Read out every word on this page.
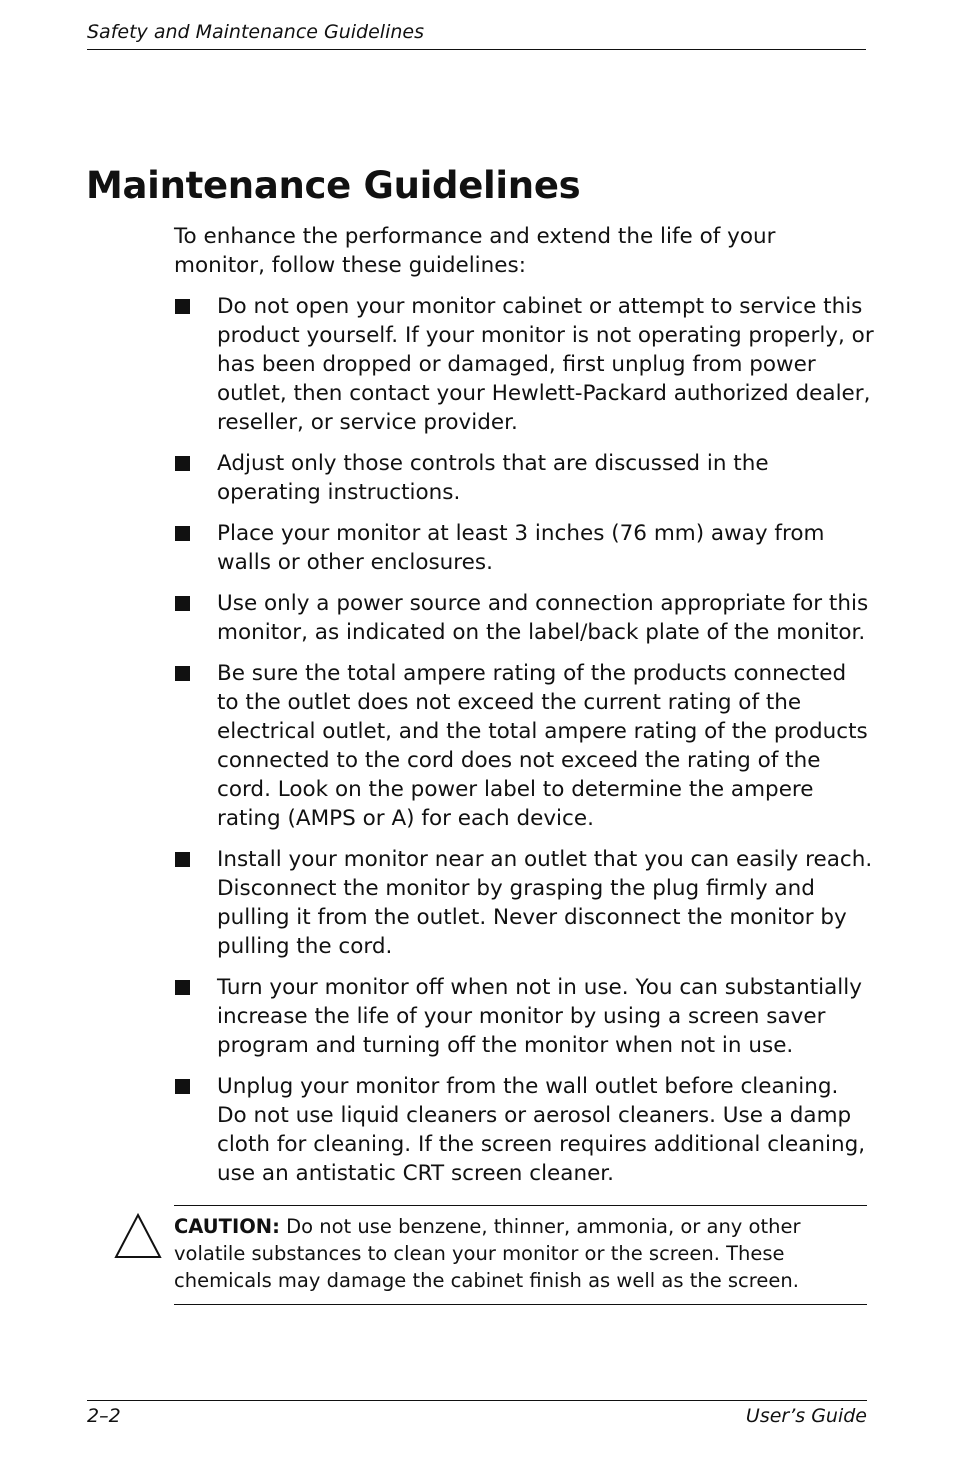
Safety and Maintenance Guidelines
Maintenance Guidelines

To enhance the performance and extend the life of your monitor, follow these guidelines:

Do not open your monitor cabinet or attempt to service this product yourself. If your monitor is not operating properly, or has been dropped or damaged, first unplug from power outlet, then contact your Hewlett-Packard authorized dealer, reseller, or service provider.
Adjust only those controls that are discussed in the operating instructions.
Place your monitor at least 3 inches (76 mm) away from walls or other enclosures.
Use only a power source and connection appropriate for this monitor, as indicated on the label/back plate of the monitor.
Be sure the total ampere rating of the products connected to the outlet does not exceed the current rating of the electrical outlet, and the total ampere rating of the products connected to the cord does not exceed the rating of the cord. Look on the power label to determine the ampere rating (AMPS or A) for each device.
Install your monitor near an outlet that you can easily reach. Disconnect the monitor by grasping the plug firmly and pulling it from the outlet. Never disconnect the monitor by pulling the cord.
Turn your monitor off when not in use. You can substantially increase the life of your monitor by using a screen saver program and turning off the monitor when not in use.
Unplug your monitor from the wall outlet before cleaning. Do not use liquid cleaners or aerosol cleaners. Use a damp cloth for cleaning. If the screen requires additional cleaning, use an antistatic CRT screen cleaner.

CAUTION: Do not use benzene, thinner, ammonia, or any other volatile substances to clean your monitor or the screen. These chemicals may damage the cabinet finish as well as the screen.

2–2	User’s Guide
